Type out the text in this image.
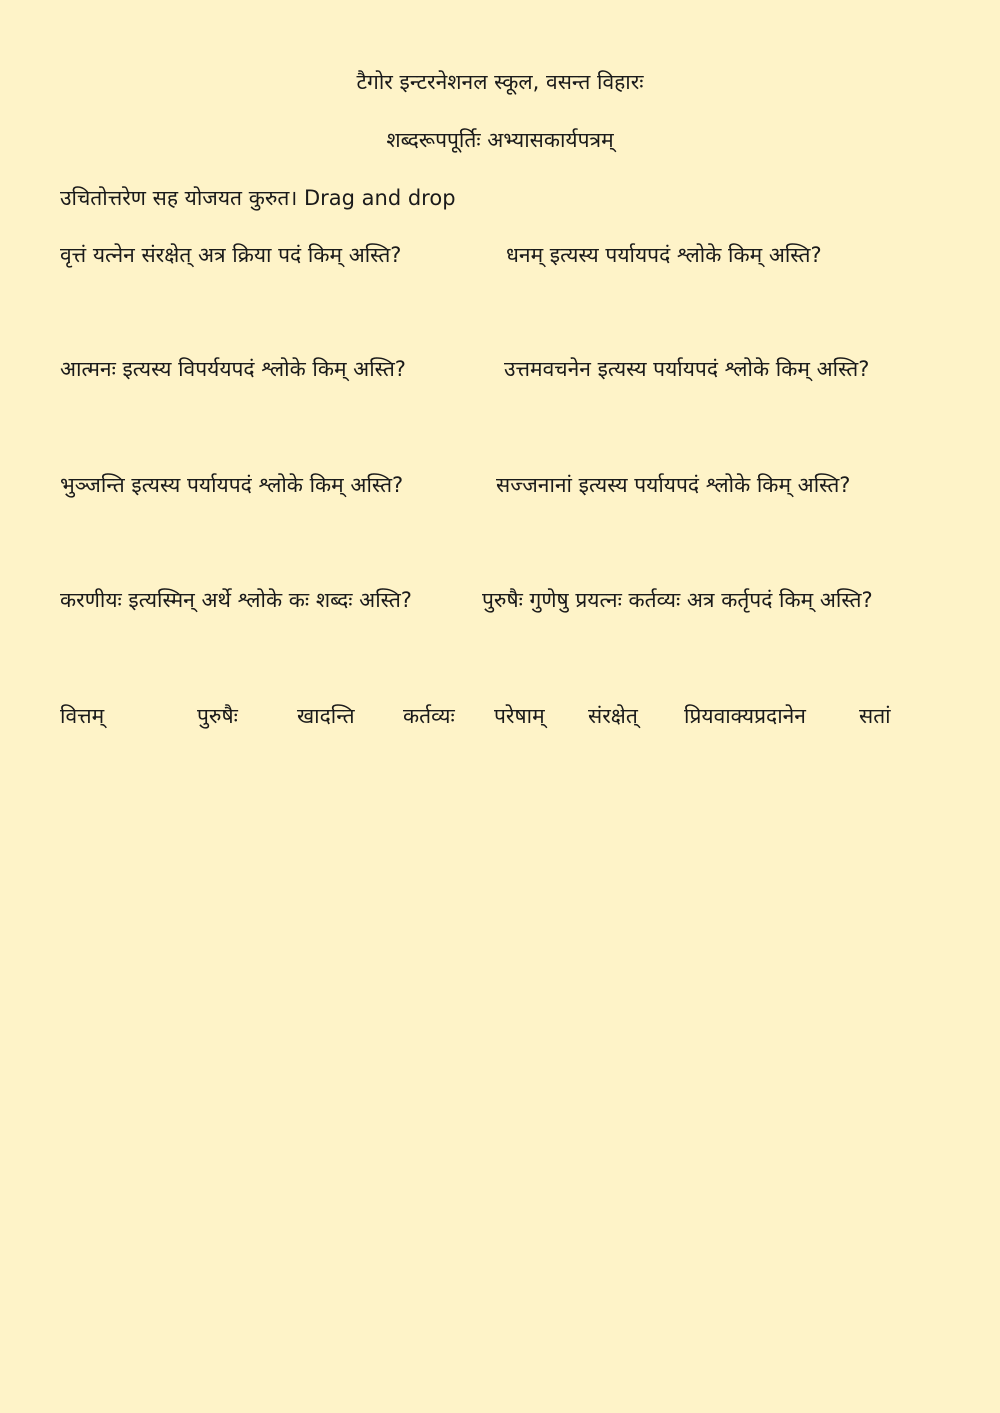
टैगोर इन्टरनेशनल स्कूल, वसन्त विहारः
शब्दरूपपूर्तिः अभ्यासकार्यपत्रम्
उचितोत्तरेण सह योजयत कुरुत। Drag and drop
वृत्तं यत्नेन संरक्षेत् अत्र क्रिया पदं किम् अस्ति?	धनम् इत्यस्य पर्यायपदं श्लोके किम् अस्ति?
आत्मनः इत्यस्य विपर्ययपदं श्लोके किम् अस्ति?	उत्तमवचनेन इत्यस्य पर्यायपदं श्लोके किम् अस्ति?
भुञ्जन्ति इत्यस्य पर्यायपदं श्लोके किम् अस्ति?	सज्जनानां इत्यस्य पर्यायपदं श्लोके किम् अस्ति?
करणीयः इत्यस्मिन् अर्थे श्लोके कः शब्दः अस्ति?	पुरुषैः गुणेषु प्रयत्नः कर्तव्यः अत्र कर्तृपदं किम् अस्ति?
वित्तम्	पुरुषैः	खादन्ति कर्तव्यः परेषाम् संरक्षेत् प्रियवाक्यप्रदानेन	सतां
